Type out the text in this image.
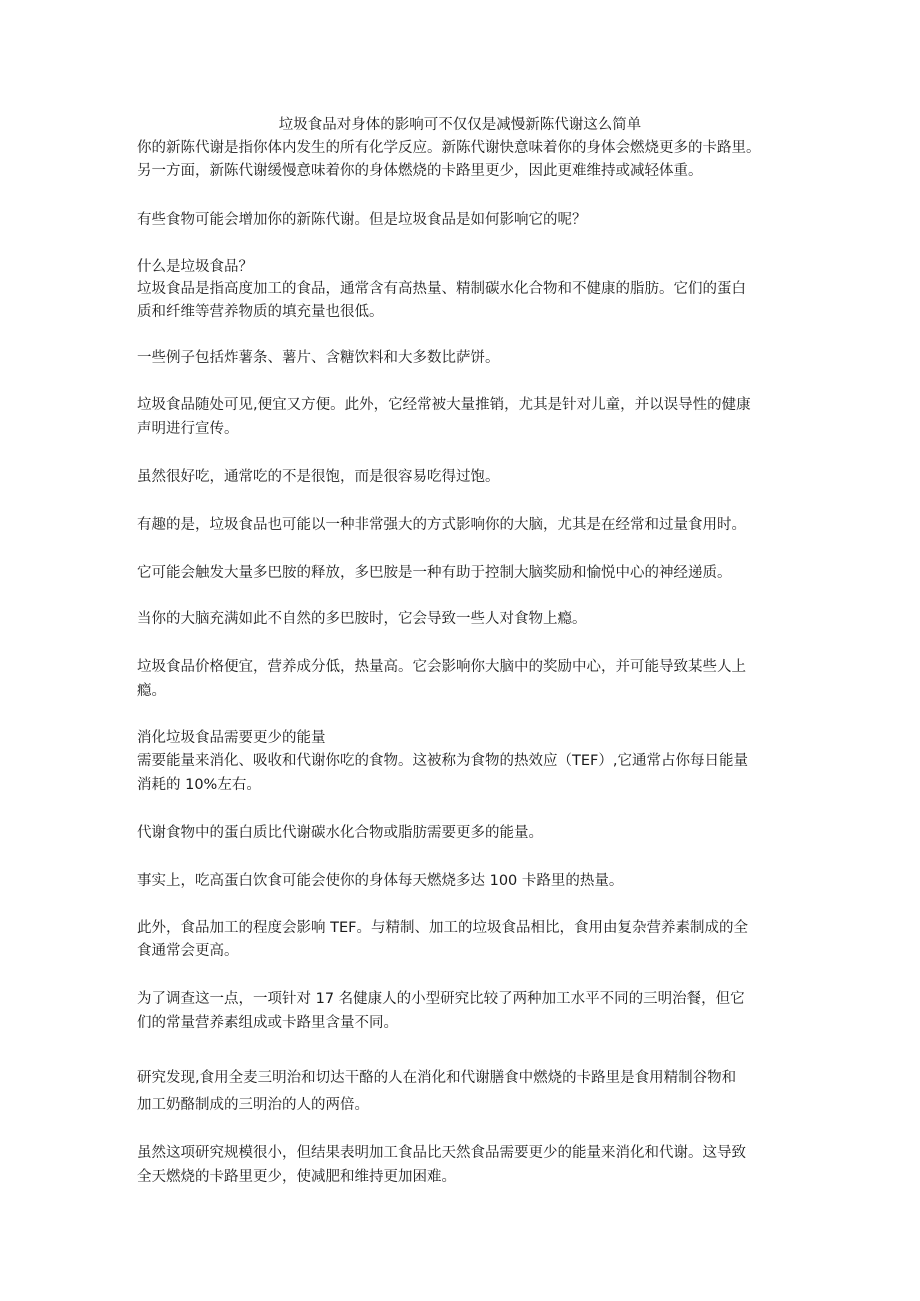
垃圾食品对身体的影响可不仅仅是减慢新陈代谢这么简单

你的新陈代谢是指你体内发生的所有化学反应。新陈代谢快意味着你的身体会燃烧更多的卡路里。

另一方面，新陈代谢缓慢意味着你的身体燃烧的卡路里更少，因此更难维持或减轻体重。

有些食物可能会增加你的新陈代谢。但是垃圾食品是如何影响它的呢？

什么是垃圾食品？

垃圾食品是指高度加工的食品，通常含有高热量、精制碳水化合物和不健康的脂肪。它们的蛋白

质和纤维等营养物质的填充量也很低。

一些例子包括炸薯条、薯片、含糖饮料和大多数比萨饼。

垃圾食品随处可见,便宜又方便。此外，它经常被大量推销，尤其是针对儿童，并以误导性的健康

声明进行宣传。

虽然很好吃，通常吃的不是很饱，而是很容易吃得过饱。

有趣的是，垃圾食品也可能以一种非常强大的方式影响你的大脑，尤其是在经常和过量食用时。

它可能会触发大量多巴胺的释放，多巴胺是一种有助于控制大脑奖励和愉悦中心的神经递质。

当你的大脑充满如此不自然的多巴胺时，它会导致一些人对食物上瘾。

垃圾食品价格便宜，营养成分低，热量高。它会影响你大脑中的奖励中心，并可能导致某些人上

瘾。

消化垃圾食品需要更少的能量

需要能量来消化、吸收和代谢你吃的食物。这被称为食物的热效应（TEF）,它通常占你每日能量

消耗的 10%左右。

代谢食物中的蛋白质比代谢碳水化合物或脂肪需要更多的能量。

事实上，吃高蛋白饮食可能会使你的身体每天燃烧多达 100 卡路里的热量。

此外，食品加工的程度会影响 TEF。与精制、加工的垃圾食品相比，食用由复杂营养素制成的全

食通常会更高。

为了调查这一点，一项针对 17 名健康人的小型研究比较了两种加工水平不同的三明治餐，但它

们的常量营养素组成或卡路里含量不同。

研究发现,食用全麦三明治和切达干酪的人在消化和代谢膳食中燃烧的卡路里是食用精制谷物和

加工奶酪制成的三明治的人的两倍。

虽然这项研究规模很小，但结果表明加工食品比天然食品需要更少的能量来消化和代谢。这导致

全天燃烧的卡路里更少，使减肥和维持更加困难。
